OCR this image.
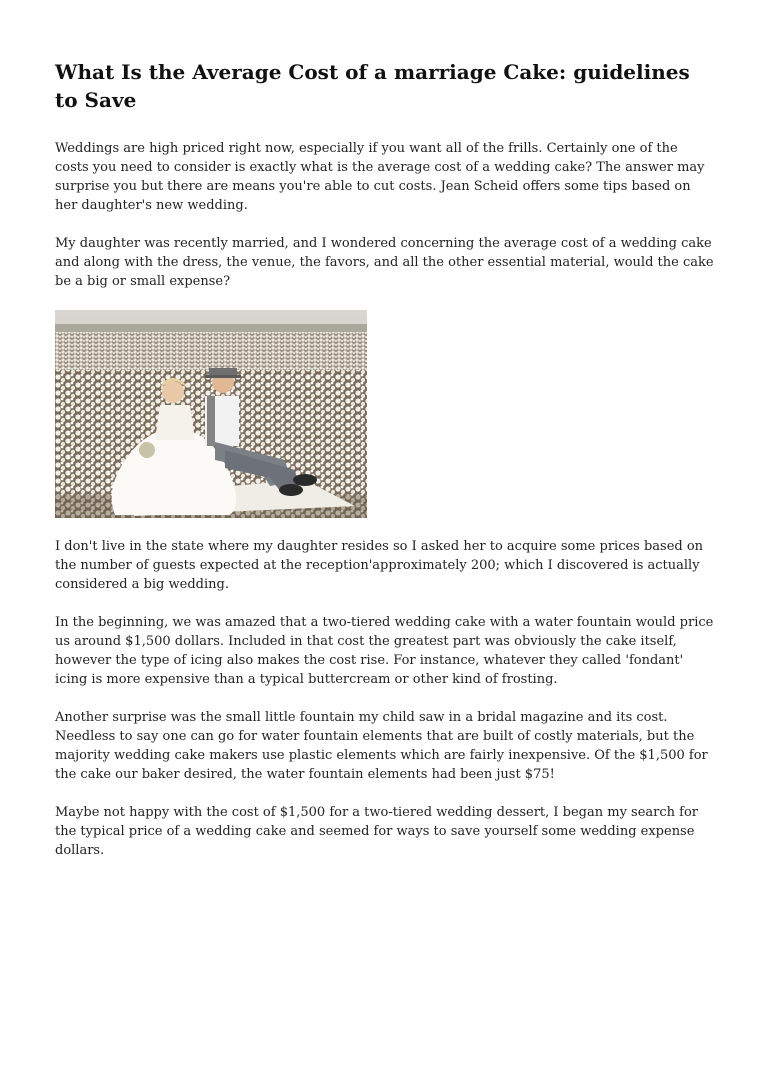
What Is the Average Cost of a marriage Cake: guidelines to Save

Weddings are high priced right now, especially if you want all of the frills. Certainly one of the costs you need to consider is exactly what is the average cost of a wedding cake? The answer may surprise you but there are means you're able to cut costs. Jean Scheid offers some tips based on her daughter's new wedding.

My daughter was recently married, and I wondered concerning the average cost of a wedding cake and along with the dress, the venue, the favors, and all the other essential material, would the cake be a big or small expense?

I don't live in the state where my daughter resides so I asked her to acquire some prices based on the number of guests expected at the reception'approximately 200; which I discovered is actually considered a big wedding.

In the beginning, we was amazed that a two-tiered wedding cake with a water fountain would price us around $1,500 dollars. Included in that cost the greatest part was obviously the cake itself, however the type of icing also makes the cost rise. For instance, whatever they called 'fondant' icing is more expensive than a typical buttercream or other kind of frosting.

Another surprise was the small little fountain my child saw in a bridal magazine and its cost. Needless to say one can go for water fountain elements that are built of costly materials, but the majority wedding cake makers use plastic elements which are fairly inexpensive. Of the $1,500 for the cake our baker desired, the water fountain elements had been just $75!

Maybe not happy with the cost of $1,500 for a two-tiered wedding dessert, I began my search for the typical price of a wedding cake and seemed for ways to save yourself some wedding expense dollars.
